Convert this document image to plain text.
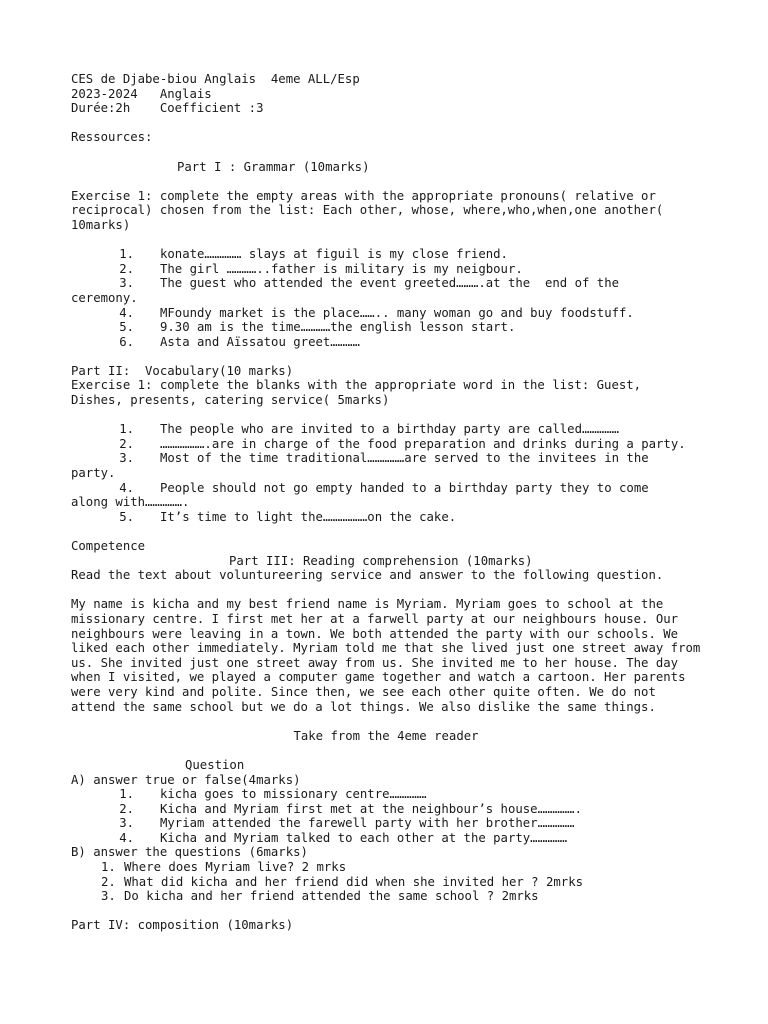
CES de Djabe-biou Anglais  4eme ALL/Esp
2023-2024   Anglais
Durée:2h    Coefficient :3
Ressources:
Part I : Grammar (10marks)
Exercise 1: complete the empty areas with the appropriate pronouns( relative or reciprocal) chosen from the list: Each other, whose, where,who,when,one another( 10marks)
1. konate…………… slays at figuil is my close friend.
2. The girl …………..father is military is my neigbour.
3. The guest who attended the event greeted……….at the  end of the
ceremony.
4. MFoundy market is the place…….. many woman go and buy foodstuff.
5. 9.30 am is the time…………the english lesson start.
6. Asta and Aïssatou greet…………
Part II:  Vocabulary(10 marks)
Exercise 1: complete the blanks with the appropriate word in the list: Guest,
Dishes, presents, catering service( 5marks)
1. The people who are invited to a birthday party are called……………
2. ……………….are in charge of the food preparation and drinks during a party.
3. Most of the time traditional……………are served to the invitees in the
party.
4. People should not go empty handed to a birthday party they to come
along with…………….
5. It’s time to light the………………on the cake.
Competence
Part III: Reading comprehension (10marks)
Read the text about voluntureering service and answer to the following question.
My name is kicha and my best friend name is Myriam. Myriam goes to school at the missionary centre. I first met her at a farwell party at our neighbours house. Our neighbours were leaving in a town. We both attended the party with our schools. We liked each other immediately. Myriam told me that she lived just one street away from us. She invited just one street away from us. She invited me to her house. The day when I visited, we played a computer game together and watch a cartoon. Her parents were very kind and polite. Since then, we see each other quite often. We do not attend the same school but we do a lot things. We also dislike the same things.
Take from the 4eme reader
Question
A) answer true or false(4marks)
1. kicha goes to missionary centre……………
2. Kicha and Myriam first met at the neighbour’s house…………….
3. Myriam attended the farewell party with her brother……………
4. Kicha and Myriam talked to each other at the party……………
B) answer the questions (6marks)
1. Where does Myriam live? 2 mrks
2. What did kicha and her friend did when she invited her ? 2mrks
3. Do kicha and her friend attended the same school ? 2mrks
Part IV: composition (10marks)
